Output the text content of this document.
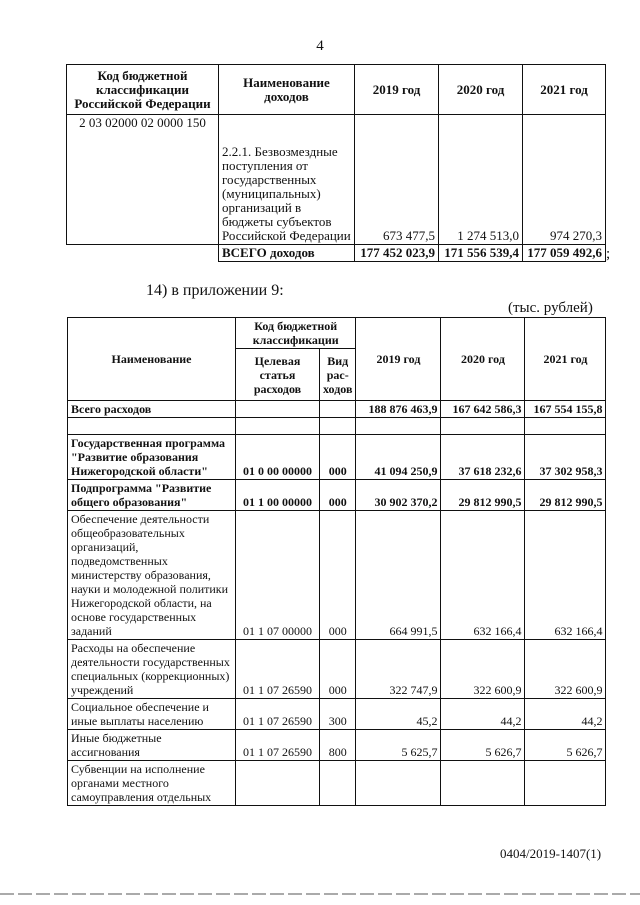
4
Код бюджетной классификации Российской Федерации	Наименование доходов	2019 год	2020 год	2021 год
2 03 02000 02 0000 150	2.2.1. Безвозмездные поступления от государственных (муниципальных) организаций в бюджеты субъектов Российской Федерации	673 477,5	1 274 513,0	974 270,3
	ВСЕГО доходов	177 452 023,9	171 556 539,4	177 059 492,6 ;
14) в приложении 9:
(тыс. рублей)
Наименование	Код бюджетной классификации		2019 год	2020 год	2021 год
	Целевая статья расходов	Вид рас-ходов			
Всего расходов			188 876 463,9	167 642 586,3	167 554 155,8

Государственная программа "Развитие образования Нижегородской области"	01 0 00 00000	000	41 094 250,9	37 618 232,6	37 302 958,3
Подпрограмма "Развитие общего образования"	01 1 00 00000	000	30 902 370,2	29 812 990,5	29 812 990,5
Обеспечение деятельности общеобразовательных организаций, подведомственных министерству образования, науки и молодежной политики Нижегородской области, на основе государственных заданий	01 1 07 00000	000	664 991,5	632 166,4	632 166,4
Расходы на обеспечение деятельности государственных специальных (коррекционных) учреждений	01 1 07 26590	000	322 747,9	322 600,9	322 600,9
Социальное обеспечение и иные выплаты населению	01 1 07 26590	300	45,2	44,2	44,2
Иные бюджетные ассигнования	01 1 07 26590	800	5 625,7	5 626,7	5 626,7
Субвенции на исполнение органами местного самоуправления отдельных					
0404/2019-1407(1)
